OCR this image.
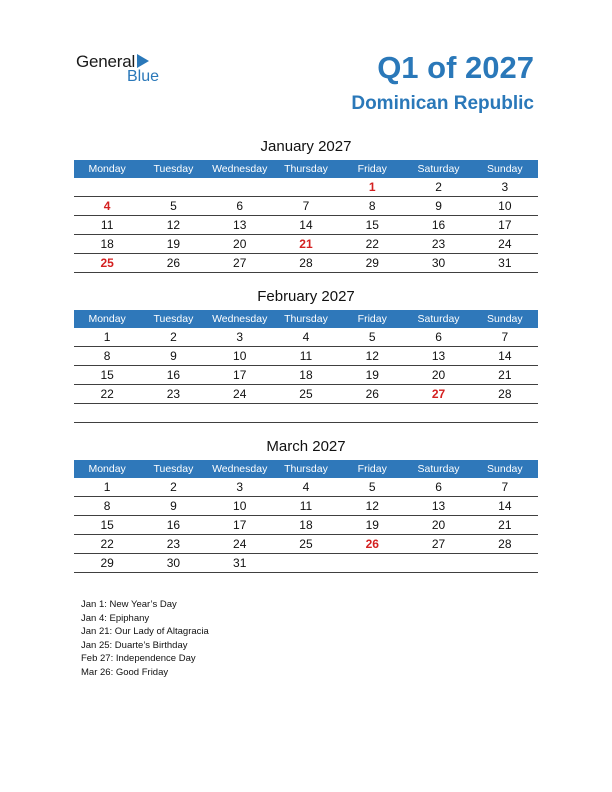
General
Blue	Q1 of 2027
Dominican Republic
January 2027
Monday	Tuesday	Wednesday	Thursday	Friday	Saturday	Sunday
				1	2	3
4	5	6	7	8	9	10
11	12	13	14	15	16	17
18	19	20	21	22	23	24
25	26	27	28	29	30	31
February 2027
Monday	Tuesday	Wednesday	Thursday	Friday	Saturday	Sunday
1	2	3	4	5	6	7
8	9	10	11	12	13	14
15	16	17	18	19	20	21
22	23	24	25	26	27	28

March 2027
Monday	Tuesday	Wednesday	Thursday	Friday	Saturday	Sunday
1	2	3	4	5	6	7
8	9	10	11	12	13	14
15	16	17	18	19	20	21
22	23	24	25	26	27	28
29	30	31				
Jan 1: New Year’s Day
Jan 4: Epiphany
Jan 21: Our Lady of Altagracia
Jan 25: Duarte’s Birthday
Feb 27: Independence Day
Mar 26: Good Friday
